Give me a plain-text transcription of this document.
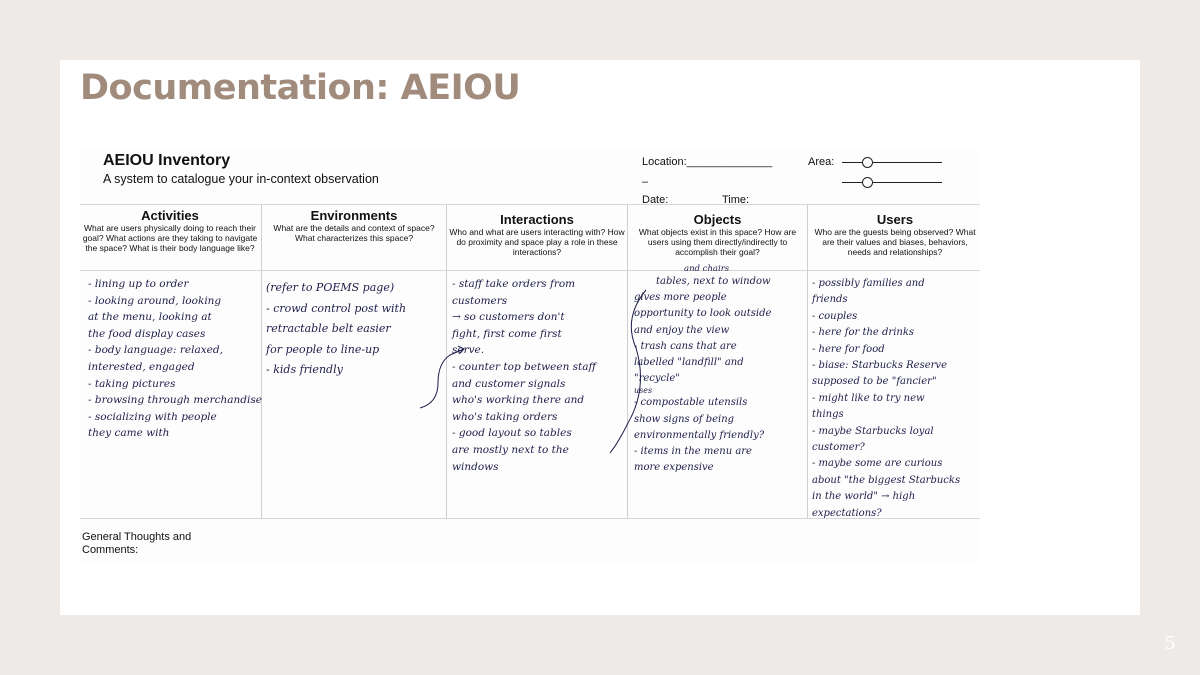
Documentation: AEIOU
AEIOU Inventory
A system to catalogue your in-context observation
Location:______________	Area:
–
Date:	Time:
Activities
What are users physically doing to reach their goal? What actions are they taking to navigate the space? What is their body language like?
Environments
What are the details and context of space? What characterizes this space?
Interactions
Who and what are users interacting with? How do proximity and space play a role in these interactions?
Objects
What objects exist in this space? How are users using them directly/indirectly to accomplish their goal?
Users
Who are the guests being observed? What are their values and biases, behaviors, needs and relationships?
- lining up to order
- looking around, looking
at the menu, looking at
the food display cases
- body language: relaxed,
interested, engaged
- taking pictures
- browsing through merchandise
- socializing with people
they came with
(refer to POEMS page)
- crowd control post with
retractable belt easier
for people to line-up
- kids friendly
- staff take orders from
customers
→ so customers don't
fight, first come first
serve.
- counter top between staff
and customer signals
who's working there and
who's taking orders
- good layout so tables
are mostly next to the
windows
and chairs
tables, next to window
gives more people
opportunity to look outside
and enjoy the view
- trash cans that are
labelled "landfill" and
"recycle"
uses
- compostable utensils
show signs of being
environmentally friendly?
- items in the menu are
more expensive
- possibly families and
friends
- couples
- here for the drinks
- here for food
- biase: Starbucks Reserve
supposed to be "fancier"
- might like to try new
things
- maybe Starbucks loyal
customer?
- maybe some are curious
about "the biggest Starbucks
in the world" → high
expectations?
General Thoughts and Comments:
5
